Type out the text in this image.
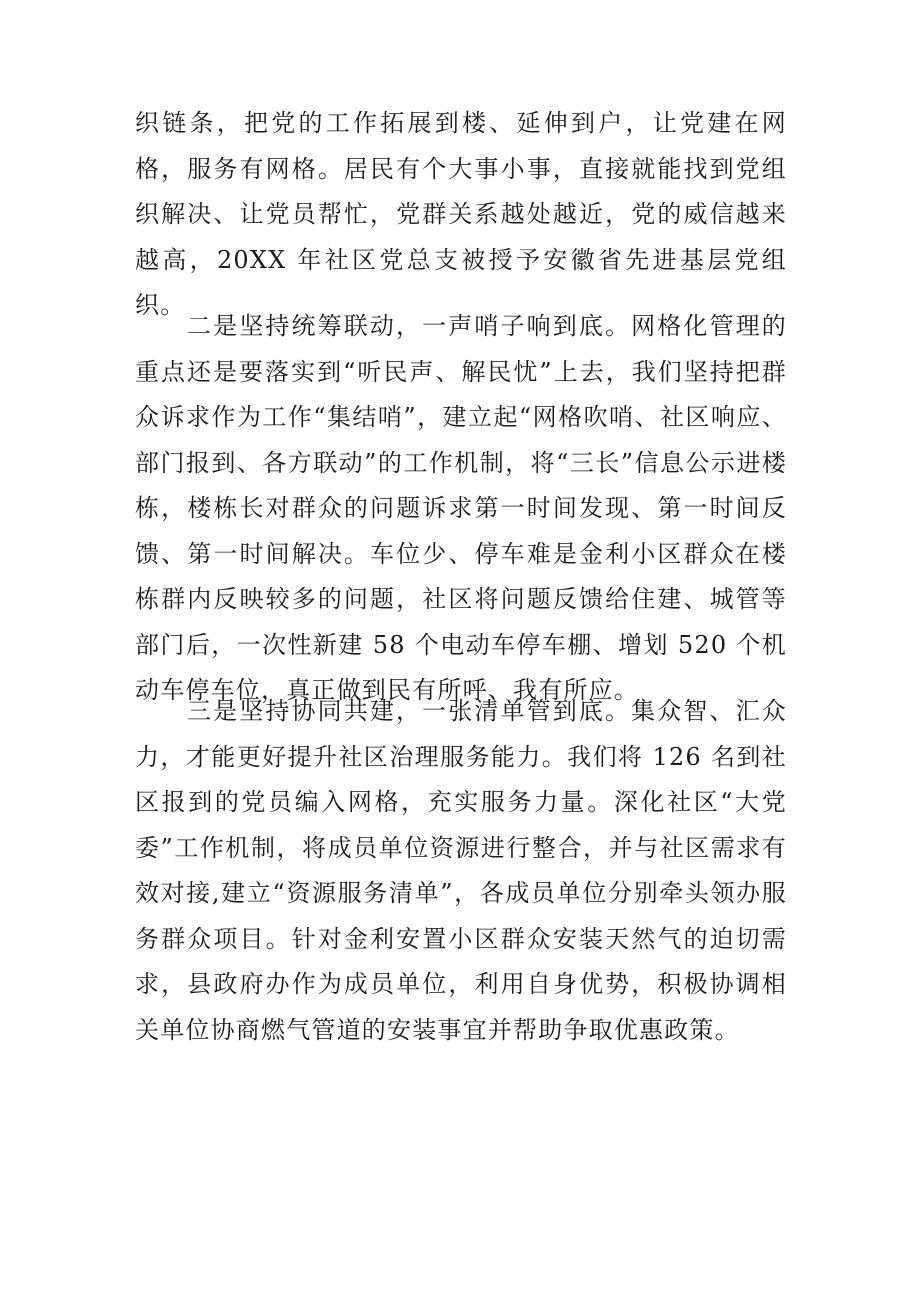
织链条，把党的工作拓展到楼、延伸到户，让党建在网格，服务有网格。居民有个大事小事，直接就能找到党组织解决、让党员帮忙，党群关系越处越近，党的威信越来越高，20XX 年社区党总支被授予安徽省先进基层党组织。

二是坚持统筹联动，一声哨子响到底。网格化管理的重点还是要落实到“听民声、解民忧”上去，我们坚持把群众诉求作为工作“集结哨”，建立起“网格吹哨、社区响应、部门报到、各方联动”的工作机制，将“三长”信息公示进楼栋，楼栋长对群众的问题诉求第一时间发现、第一时间反馈、第一时间解决。车位少、停车难是金利小区群众在楼栋群内反映较多的问题，社区将问题反馈给住建、城管等部门后，一次性新建 58 个电动车停车棚、增划 520 个机动车停车位，真正做到民有所呼、我有所应。

三是坚持协同共建，一张清单管到底。集众智、汇众力，才能更好提升社区治理服务能力。我们将 126 名到社区报到的党员编入网格，充实服务力量。深化社区“大党委”工作机制，将成员单位资源进行整合，并与社区需求有效对接,建立“资源服务清单”，各成员单位分别牵头领办服务群众项目。针对金利安置小区群众安装天然气的迫切需求，县政府办作为成员单位，利用自身优势，积极协调相关单位协商燃气管道的安装事宜并帮助争取优惠政策。
